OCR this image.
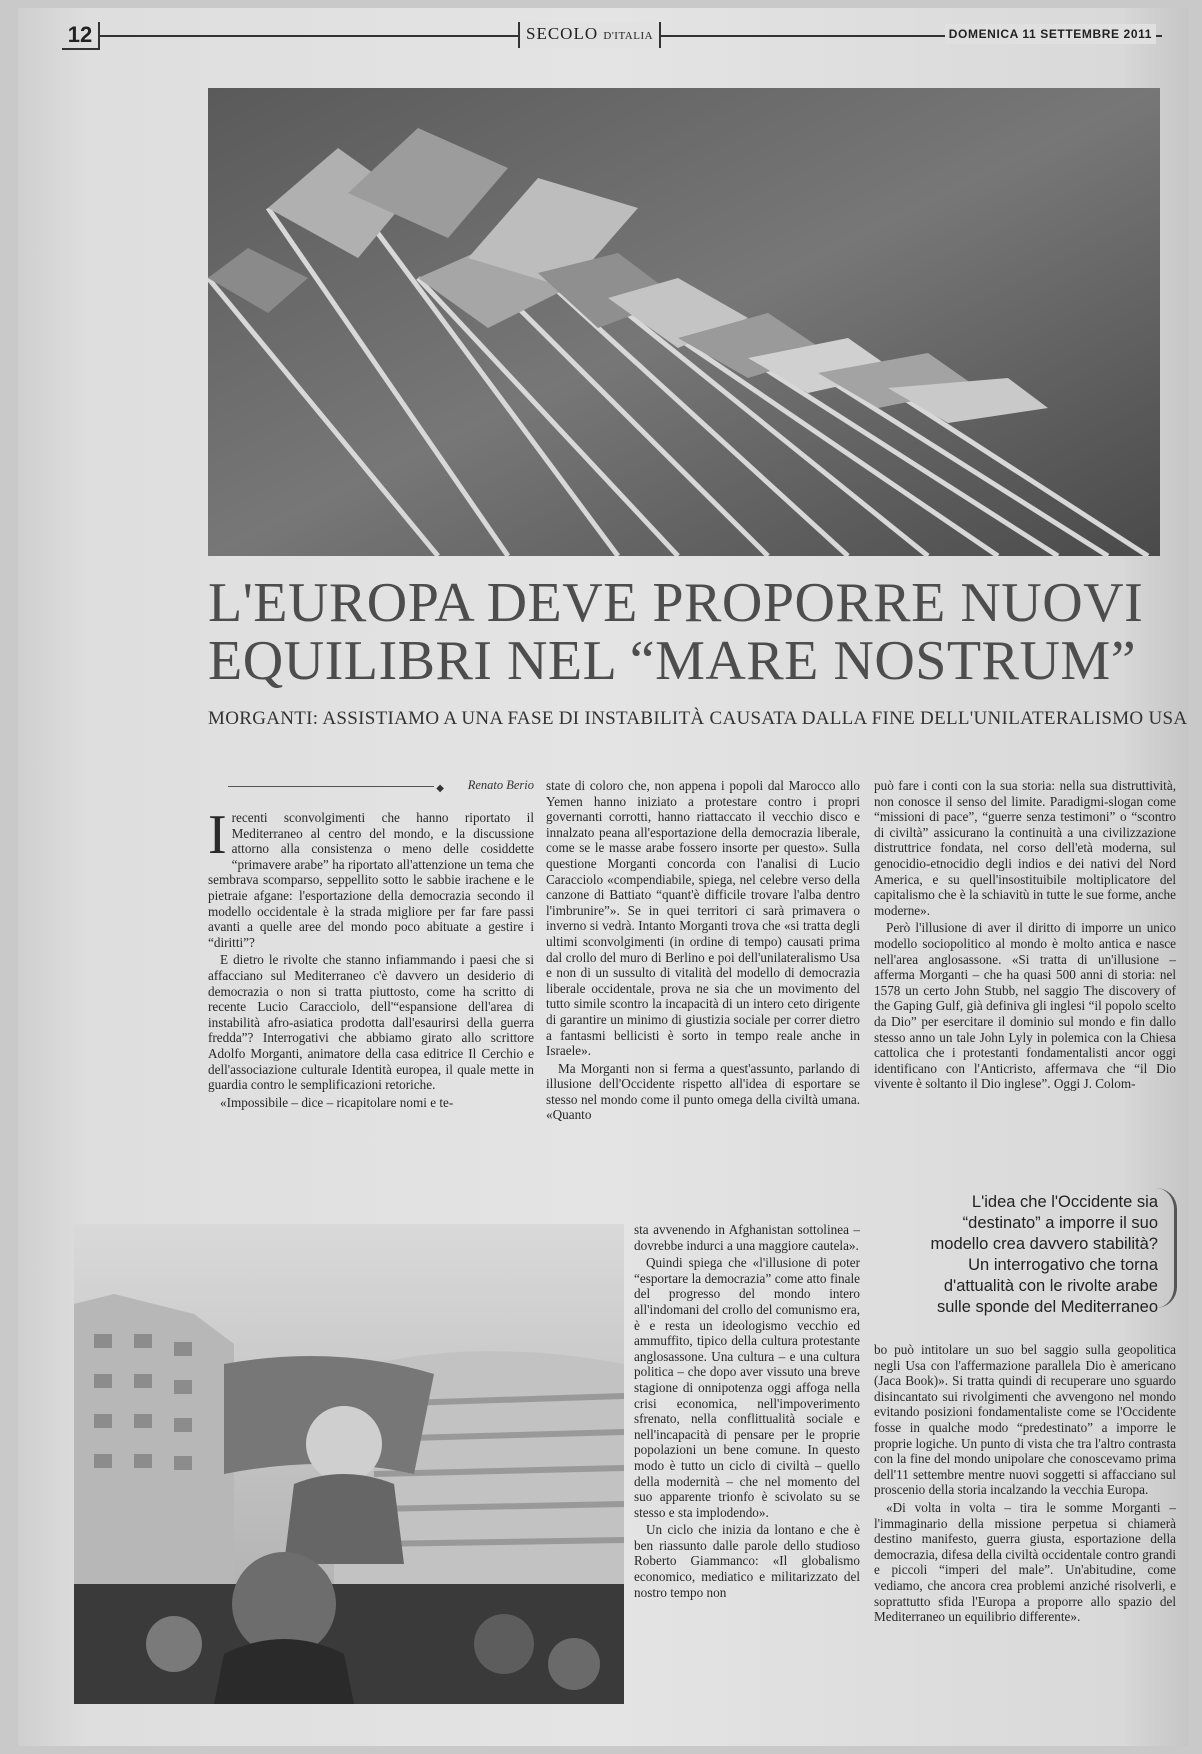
12	SECOLO D'ITALIA	DOMENICA 11 SETTEMBRE 2011
L'EUROPA DEVE PROPORRE NUOVI
EQUILIBRI NEL “MARE NOSTRUM”
MORGANTI: ASSISTIAMO A UNA FASE DI INSTABILITÀ CAUSATA DALLA FINE DELL'UNILATERALISMO USA
◆ Renato Berio

Irecenti sconvolgimenti che hanno riportato il Mediterraneo al centro del mondo, e la discussione attorno alla consistenza o meno delle cosiddette “primavere arabe” ha riportato all'attenzione un tema che sembrava scomparso, seppellito sotto le sabbie irachene e le pietraie afgane: l'esportazione della democrazia secondo il modello occidentale è la strada migliore per far fare passi avanti a quelle aree del mondo poco abituate a gestire i “diritti”?

E dietro le rivolte che stanno infiammando i paesi che si affacciano sul Mediterraneo c'è davvero un desiderio di democrazia o non si tratta piuttosto, come ha scritto di recente Lucio Caracciolo, dell'“espansione dell'area di instabilità afro-asiatica prodotta dall'esaurirsi della guerra fredda”? Interrogativi che abbiamo girato allo scrittore Adolfo Morganti, animatore della casa editrice Il Cerchio e dell'associazione culturale Identità europea, il quale mette in guardia contro le semplificazioni retoriche.

«Impossibile – dice – ricapitolare nomi e te-

state di coloro che, non appena i popoli dal Marocco allo Yemen hanno iniziato a protestare contro i propri governanti corrotti, hanno riattaccato il vecchio disco e innalzato peana all'esportazione della democrazia liberale, come se le masse arabe fossero insorte per questo». Sulla questione Morganti concorda con l'analisi di Lucio Caracciolo «compendiabile, spiega, nel celebre verso della canzone di Battiato “quant'è difficile trovare l'alba dentro l'imbrunire”». Se in quei territori ci sarà primavera o inverno si vedrà. Intanto Morganti trova che «si tratta degli ultimi sconvolgimenti (in ordine di tempo) causati prima dal crollo del muro di Berlino e poi dell'unilateralismo Usa e non di un sussulto di vitalità del modello di democrazia liberale occidentale, prova ne sia che un movimento del tutto simile scontro la incapacità di un intero ceto dirigente di garantire un minimo di giustizia sociale per correr dietro a fantasmi bellicisti è sorto in tempo reale anche in Israele».

Ma Morganti non si ferma a quest'assunto, parlando di illusione dell'Occidente rispetto all'idea di esportare se stesso nel mondo come il punto omega della civiltà umana. «Quanto

sta avvenendo in Afghanistan sottolinea – dovrebbe indurci a una maggiore cautela».

Quindi spiega che «l'illusione di poter “esportare la democrazia” come atto finale del progresso del mondo intero all'indomani del crollo del comunismo era, è e resta un ideologismo vecchio ed ammuffito, tipico della cultura protestante anglosassone. Una cultura – e una cultura politica – che dopo aver vissuto una breve stagione di onnipotenza oggi affoga nella crisi economica, nell'impoverimento sfrenato, nella conflittualità sociale e nell'incapacità di pensare per le proprie popolazioni un bene comune. In questo modo è tutto un ciclo di civiltà – quello della modernità – che nel momento del suo apparente trionfo è scivolato su se stesso e sta implodendo».

Un ciclo che inizia da lontano e che è ben riassunto dalle parole dello studioso Roberto Giammanco: «Il globalismo economico, mediatico e militarizzato del nostro tempo non

può fare i conti con la sua storia: nella sua distruttività, non conosce il senso del limite. Paradigmi-slogan come “missioni di pace”, “guerre senza testimoni” o “scontro di civiltà” assicurano la continuità a una civilizzazione distruttrice fondata, nel corso dell'età moderna, sul genocidio-etnocidio degli indios e dei nativi del Nord America, e su quell'insostituibile moltiplicatore del capitalismo che è la schiavitù in tutte le sue forme, anche moderne».

Però l'illusione di aver il diritto di imporre un unico modello sociopolitico al mondo è molto antica e nasce nell'area anglosassone. «Si tratta di un'illusione – afferma Morganti – che ha quasi 500 anni di storia: nel 1578 un certo John Stubb, nel saggio The discovery of the Gaping Gulf, già definiva gli inglesi “il popolo scelto da Dio” per esercitare il dominio sul mondo e fin dallo stesso anno un tale John Lyly in polemica con la Chiesa cattolica che i protestanti fondamentalisti ancor oggi identificano con l'Anticristo, affermava che “il Dio vivente è soltanto il Dio inglese”. Oggi J. Colom-

L'idea che l'Occidente sia
“destinato” a imporre il suo
modello crea davvero stabilità?
Un interrogativo che torna
d'attualità con le rivolte arabe
sulle sponde del Mediterraneo

bo può intitolare un suo bel saggio sulla geopolitica negli Usa con l'affermazione parallela Dio è americano (Jaca Book)». Si tratta quindi di recuperare uno sguardo disincantato sui rivolgimenti che avvengono nel mondo evitando posizioni fondamentaliste come se l'Occidente fosse in qualche modo “predestinato” a imporre le proprie logiche. Un punto di vista che tra l'altro contrasta con la fine del mondo unipolare che conoscevamo prima dell'11 settembre mentre nuovi soggetti si affacciano sul proscenio della storia incalzando la vecchia Europa.

«Di volta in volta – tira le somme Morganti – l'immaginario della missione perpetua si chiamerà destino manifesto, guerra giusta, esportazione della democrazia, difesa della civiltà occidentale contro grandi e piccoli “imperi del male”. Un'abitudine, come vediamo, che ancora crea problemi anziché risolverli, e soprattutto sfida l'Europa a proporre allo spazio del Mediterraneo un equilibrio differente».
